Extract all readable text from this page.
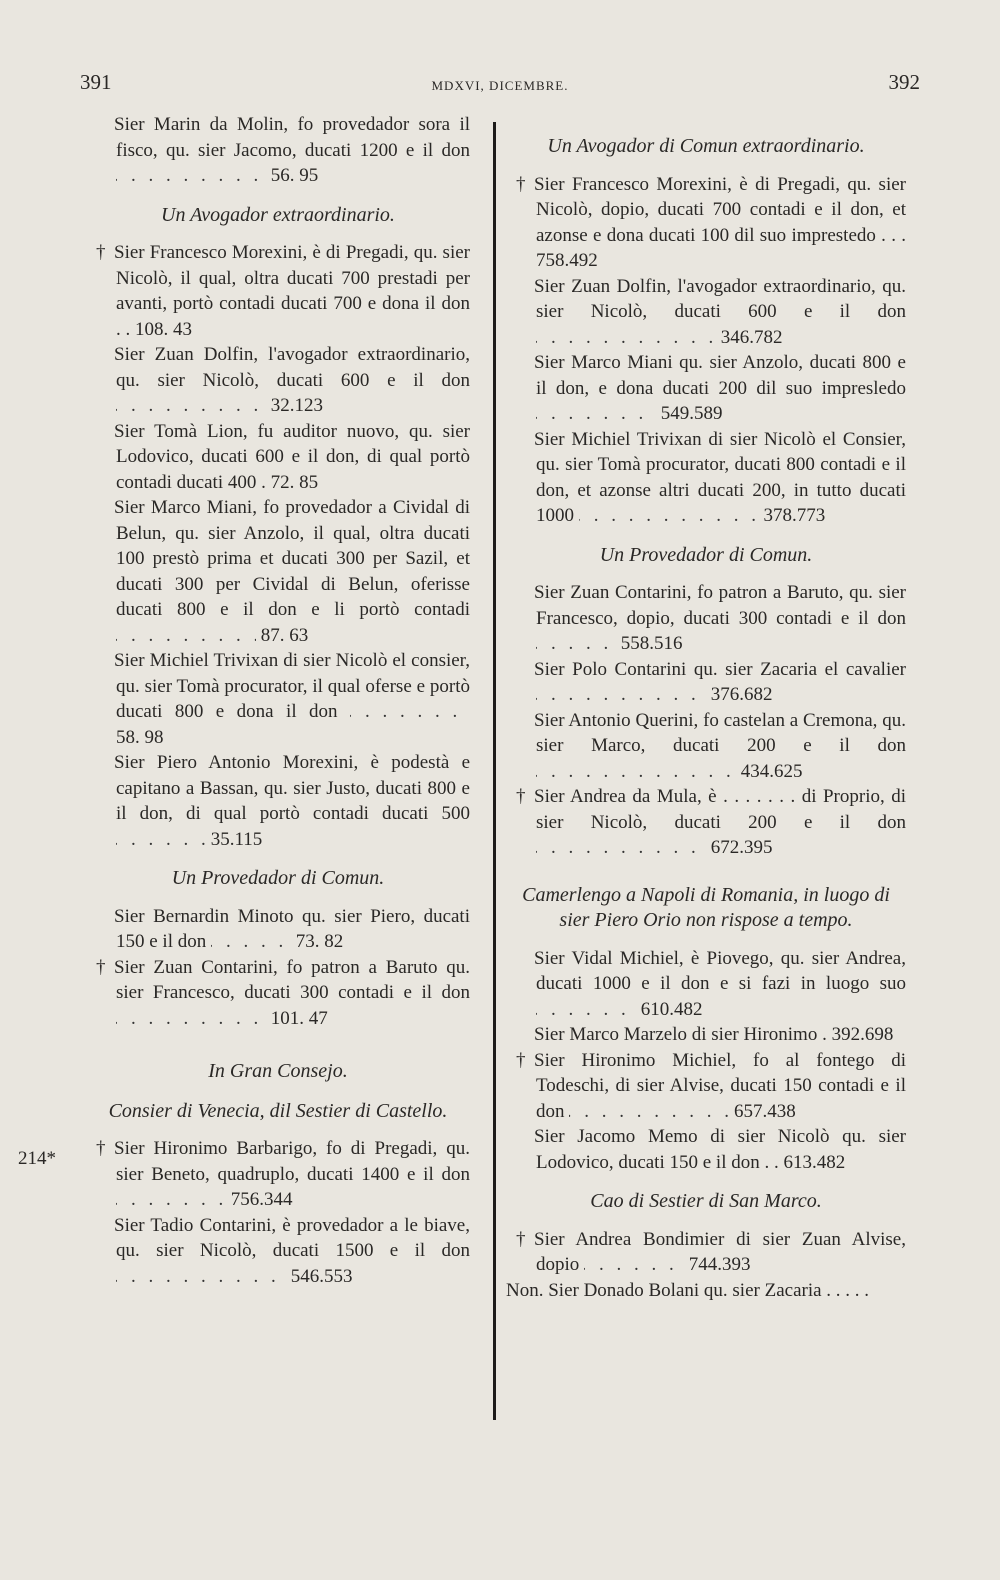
391	MDXVI, DICEMBRE.	392
214*

Sier Marin da Molin, fo provedador sora il fisco, qu. sier Jacomo, ducati 1200 e il don . . . 56. 95

Un Avogador extraordinario.

† Sier Francesco Morexini, è di Pregadi, qu. sier Nicolò, il qual, oltra ducati 700 prestadi per avanti, portò contadi ducati 700 e dona il don . . 108. 43

Sier Zuan Dolfin, l'avogador extraordinario, qu. sier Nicolò, ducati 600 e il don . . . 32.123

Sier Tomà Lion, fu auditor nuovo, qu. sier Lodovico, ducati 600 e il don, di qual portò contadi ducati 400 . 72. 85

Sier Marco Miani, fo provedador a Cividal di Belun, qu. sier Anzolo, il qual, oltra ducati 100 prestò prima et ducati 300 per Sazil, et ducati 300 per Cividal di Belun, oferisse ducati 800 e il don e li portò contadi . . . 87. 63

Sier Michiel Trivixan di sier Nicolò el consier, qu. sier Tomà procurator, il qual oferse e portò ducati 800 e dona il don . . . 58. 98

Sier Piero Antonio Morexini, è podestà e capitano a Bassan, qu. sier Justo, ducati 800 e il don, di qual portò contadi ducati 500 . . . 35.115

Un Provedador di Comun.

Sier Bernardin Minoto qu. sier Piero, ducati 150 e il don . . .	73. 82

† Sier Zuan Contarini, fo patron a Baruto qu. sier Francesco, ducati 300 contadi e il don . . . 101. 47

In Gran Consejo.
Consier di Venecia, dil Sestier di Castello.

† Sier Hironimo Barbarigo, fo di Pregadi, qu. sier Beneto, quadruplo, ducati 1400 e il don . . . 756.344

Sier Tadio Contarini, è provedador a le biave, qu. sier Nicolò, ducati 1500 e il don . . . 546.553

Un Avogador di Comun extraordinario.

† Sier Francesco Morexini, è di Pregadi, qu. sier Nicolò, dopio, ducati 700 contadi e il don, et azonse e dona ducati 100 dil suo imprestedo . . . 758.492

Sier Zuan Dolfin, l'avogador extraordinario, qu. sier Nicolò, ducati 600 e il don . . . 346.782

Sier Marco Miani qu. sier Anzolo, ducati 800 e il don, e dona ducati 200 dil suo impresledo . . . 549.589

Sier Michiel Trivixan di sier Nicolò el Consier, qu. sier Tomà procurator, ducati 800 contadi e il don, et azonse altri ducati 200, in tutto ducati 1000 . . .	378.773

Un Provedador di Comun.

Sier Zuan Contarini, fo patron a Baruto, qu. sier Francesco, dopio, ducati 300 contadi e il don . . . 558.516

Sier Polo Contarini qu. sier Zacaria el cavalier . . . 376.682

Sier Antonio Querini, fo castelan a Cremona, qu. sier Marco, ducati 200 e il don . . . 434.625

† Sier Andrea da Mula, è . . . . . . . di Proprio, di sier Nicolò, ducati 200 e il don . . . 672.395

Camerlengo a Napoli di Romania, in luogo di sier Piero Orio non rispose a tempo.

Sier Vidal Michiel, è Piovego, qu. sier Andrea, ducati 1000 e il don e si fazi in luogo suo . . . 610.482

Sier Marco Marzelo di sier Hironimo . 392.698

† Sier Hironimo Michiel, fo al fontego di Todeschi, di sier Alvise, ducati 150 contadi e il don . . .	657.438

Sier Jacomo Memo di sier Nicolò qu. sier Lodovico, ducati 150 e il don . . 613.482

Cao di Sestier di San Marco.

† Sier Andrea Bondimier di sier Zuan Alvise, dopio . . .	744.393

Non. Sier Donado Bolani qu. sier Zacaria . . . . .
